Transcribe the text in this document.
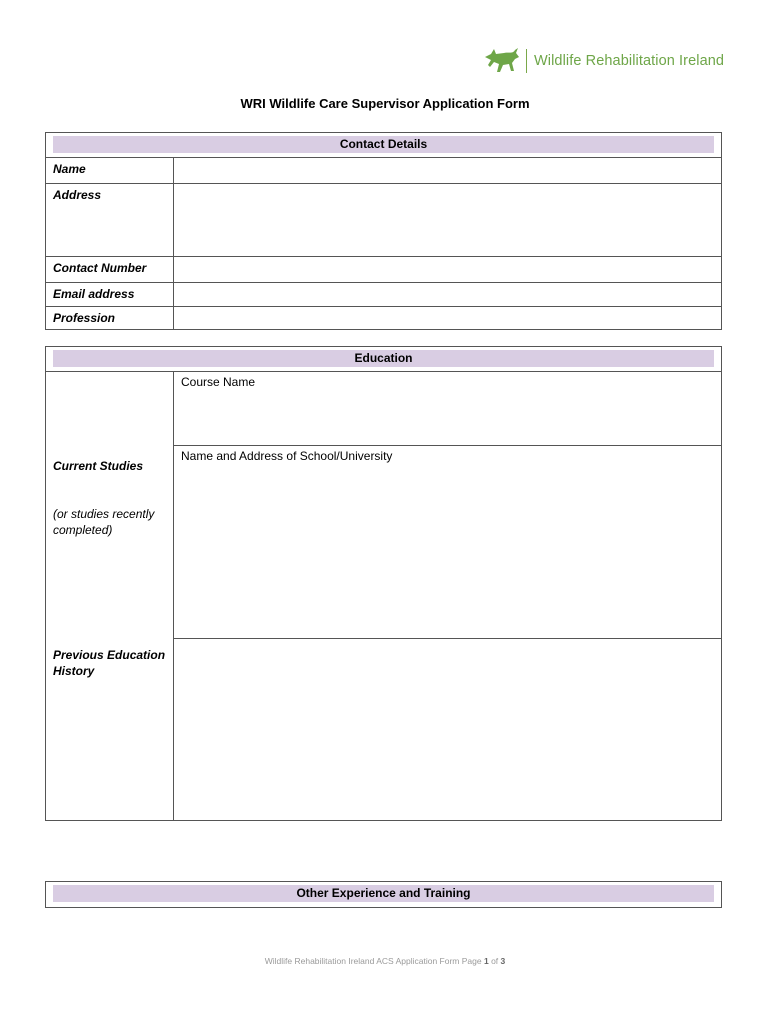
Wildlife Rehabilitation Ireland
WRI Wildlife Care Supervisor Application Form
Contact Details
Name
Address
Contact Number
Email address
Profession
Education
Current Studies
(or studies recently completed)
Previous Education History
Course Name
Name and Address of School/University
Other Experience and Training
Wildlife Rehabilitation Ireland ACS Application Form Page 1 of 3
